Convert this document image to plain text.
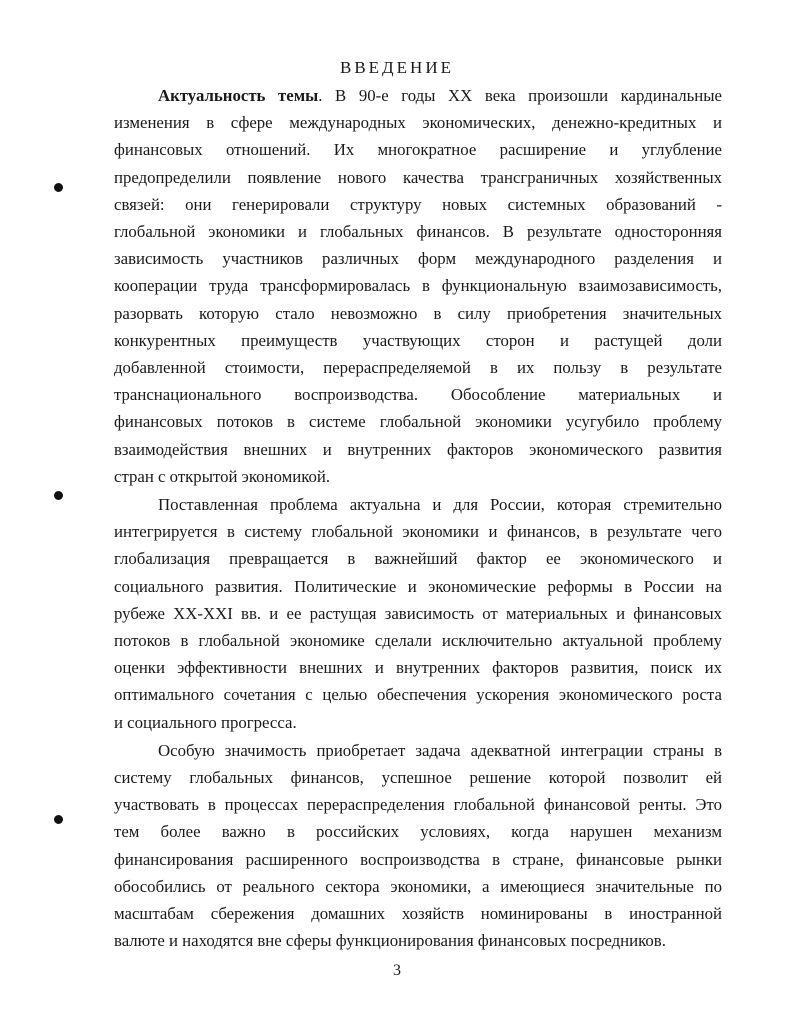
ВВЕДЕНИЕ
Актуальность темы. В 90-е годы XX века произошли кардинальные
изменения в сфере международных экономических, денежно-кредитных и
финансовых отношений. Их многократное расширение и углубление
предопределили появление нового качества трансграничных хозяйственных
связей: они генерировали структуру новых системных образований -
глобальной экономики и глобальных финансов. В результате односторонняя
зависимость участников различных форм международного разделения и
кооперации труда трансформировалась в функциональную взаимозависимость,
разорвать которую стало невозможно в силу приобретения значительных
конкурентных преимуществ участвующих сторон и растущей доли
добавленной стоимости, перераспределяемой в их пользу в результате
транснационального воспроизводства. Обособление материальных и
финансовых потоков в системе глобальной экономики усугубило проблему
взаимодействия внешних и внутренних факторов экономического развития
стран с открытой экономикой.
Поставленная проблема актуальна и для России, которая стремительно
интегрируется в систему глобальной экономики и финансов, в результате чего
глобализация превращается в важнейший фактор ее экономического и
социального развития. Политические и экономические реформы в России на
рубеже XX-XXI вв. и ее растущая зависимость от материальных и финансовых
потоков в глобальной экономике сделали исключительно актуальной проблему
оценки эффективности внешних и внутренних факторов развития, поиск их
оптимального сочетания с целью обеспечения ускорения экономического роста
и социального прогресса.
Особую значимость приобретает задача адекватной интеграции страны в
систему глобальных финансов, успешное решение которой позволит ей
участвовать в процессах перераспределения глобальной финансовой ренты. Это
тем более важно в российских условиях, когда нарушен механизм
финансирования расширенного воспроизводства в стране, финансовые рынки
обособились от реального сектора экономики, а имеющиеся значительные по
масштабам сбережения домашних хозяйств номинированы в иностранной
валюте и находятся вне сферы функционирования финансовых посредников.
3
